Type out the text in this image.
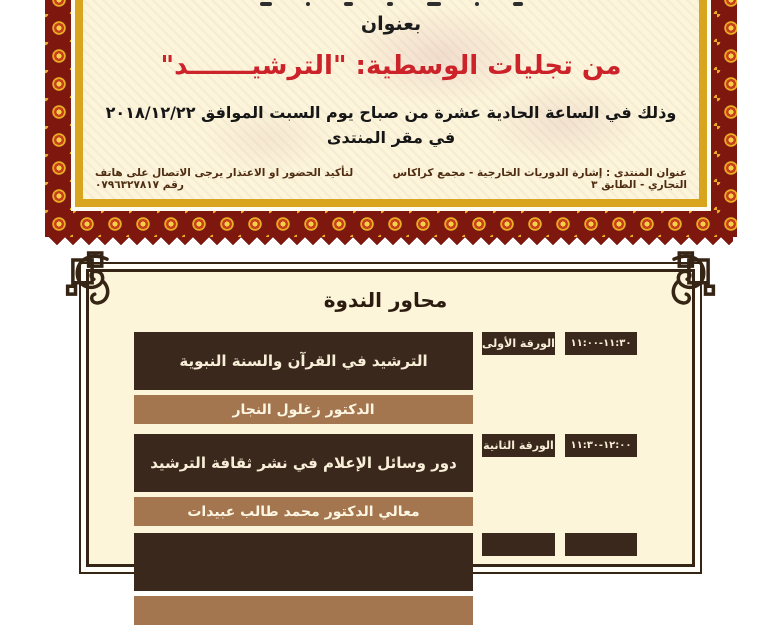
بعنوان
من تجليات الوسطية: "الترشيـــــــد"
وذلك في الساعة الحادية عشرة من صباح يوم السبت الموافق ٢٠١٨/١٢/٢٢
في مقر المنتدى
عنوان المنتدى : إشارة الدوريات الخارجية - مجمع كراكاس التجاري - الطابق ٣
لتأكيد الحضور او الاعتذار يرجى الاتصال على هاتف رقم ٠٧٩٦٣٢٧٨١٧
محاور الندوة
١١:٣٠-١١:٠٠
الورقة الأولى
الترشيد في القرآن والسنة النبوية
الدكتور زغلول النجار
١٢:٠٠-١١:٣٠
الورقة الثانية
دور وسائل الإعلام في نشر ثقافة الترشيد
معالي الدكتور محمد طالب عبيدات
